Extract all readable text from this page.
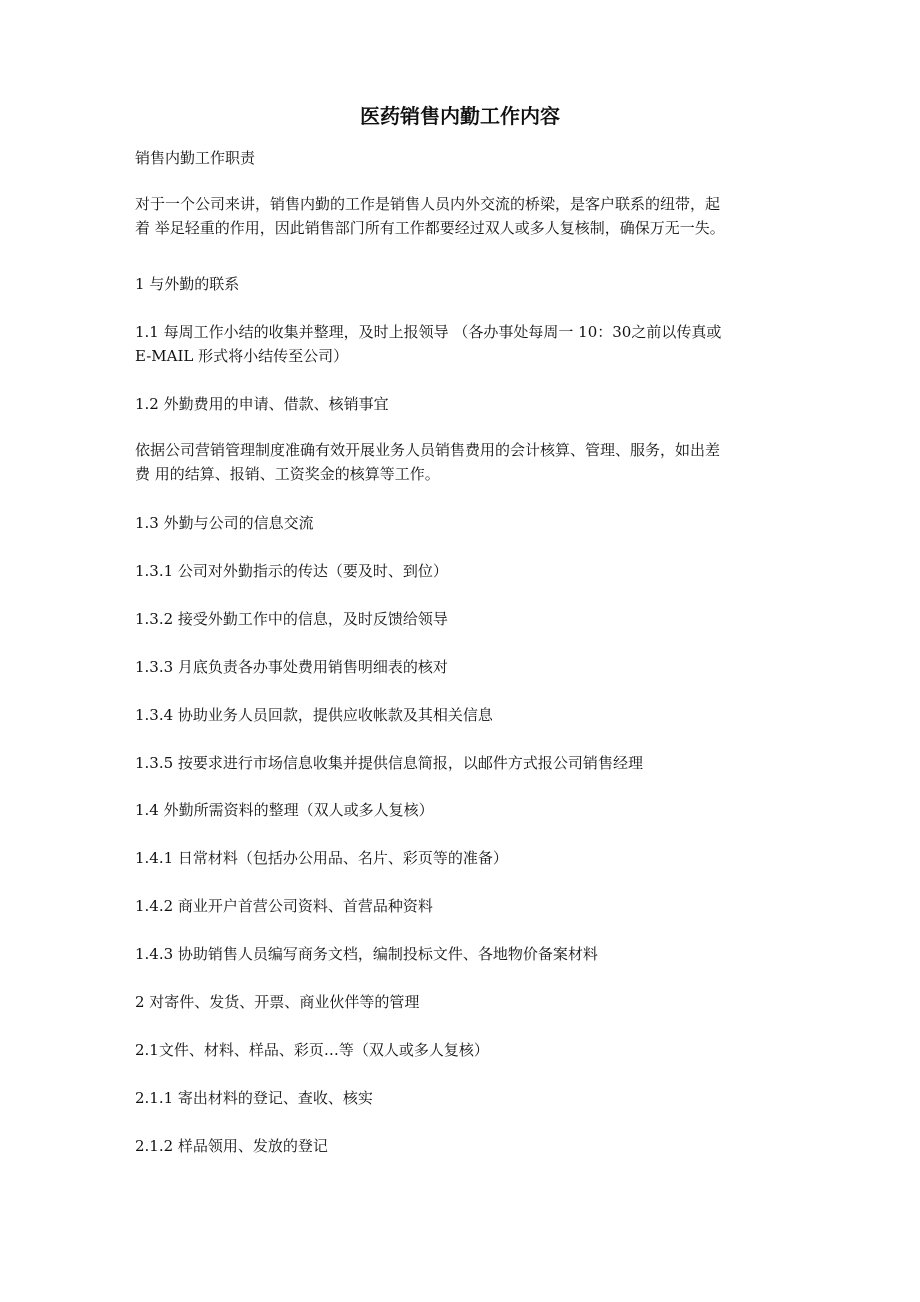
医药销售内勤工作内容

销售内勤工作职责

对于一个公司来讲，销售内勤的工作是销售人员内外交流的桥梁，是客户联系的纽带，起
着 举足轻重的作用，因此销售部门所有工作都要经过双人或多人复核制，确保万无一失。

1 与外勤的联系

1.1 每周工作小结的收集并整理，及时上报领导 （各办事处每周一 10：30之前以传真或
E-MAIL 形式将小结传至公司）

1.2 外勤费用的申请、借款、核销事宜

依据公司营销管理制度准确有效开展业务人员销售费用的会计核算、管理、服务，如出差
费 用的结算、报销、工资奖金的核算等工作。

1.3 外勤与公司的信息交流

1.3.1 公司对外勤指示的传达（要及时、到位）

1.3.2 接受外勤工作中的信息，及时反馈给领导

1.3.3 月底负责各办事处费用销售明细表的核对

1.3.4 协助业务人员回款，提供应收帐款及其相关信息

1.3.5 按要求进行市场信息收集并提供信息简报，以邮件方式报公司销售经理

1.4 外勤所需资料的整理（双人或多人复核）

1.4.1 日常材料（包括办公用品、名片、彩页等的准备）

1.4.2 商业开户首营公司资料、首营品种资料

1.4.3 协助销售人员编写商务文档，编制投标文件、各地物价备案材料

2 对寄件、发货、开票、商业伙伴等的管理

2.1文件、材料、样品、彩页…等（双人或多人复核）

2.1.1 寄出材料的登记、查收、核实

2.1.2 样品领用、发放的登记
